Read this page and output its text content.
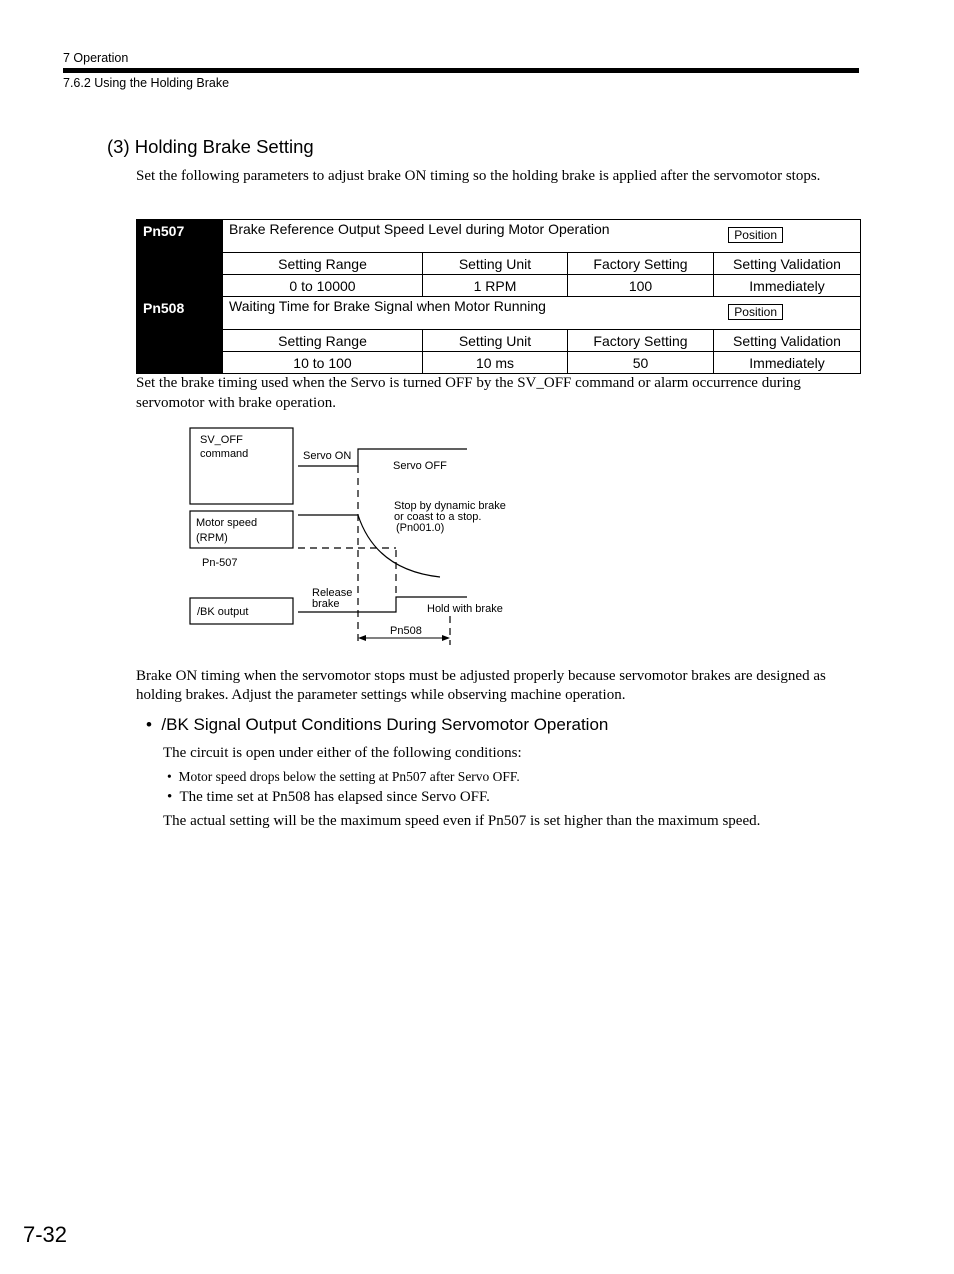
7 Operation
7.6.2 Using the Holding Brake
(3) Holding Brake Setting
Set the following parameters to adjust brake ON timing so the holding brake is applied after the servomotor stops.
Pn507	Brake Reference Output Speed Level during Motor Operation Position			

	Setting Range	Setting Unit	Factory Setting	Setting Validation
	0 to 10000	1 RPM	100	Immediately
Pn508	Waiting Time for Brake Signal when Motor Running Position			

	Setting Range	Setting Unit	Factory Setting	Setting Validation
	10 to 100	10 ms	50	Immediately
Set the brake timing used when the Servo is turned OFF by the SV_OFF command or alarm occurrence during servomotor with brake operation.
SV_OFF
command	Servo ON
Servo OFF
Motor speed
(RPM)
Pn-507
Stop by dynamic brake
or coast to a stop.
(Pn001.0)
Release
brake
/BK output	Hold with brake
Pn508
Brake ON timing when the servomotor stops must be adjusted properly because servomotor brakes are designed as holding brakes. Adjust the parameter settings while observing machine operation.
•  /BK Signal Output Conditions During Servomotor Operation
The circuit is open under either of the following conditions:
•  Motor speed drops below the setting at Pn507 after Servo OFF.
•  The time set at Pn508 has elapsed since Servo OFF.
The actual setting will be the maximum speed even if Pn507 is set higher than the maximum speed.
7-32
